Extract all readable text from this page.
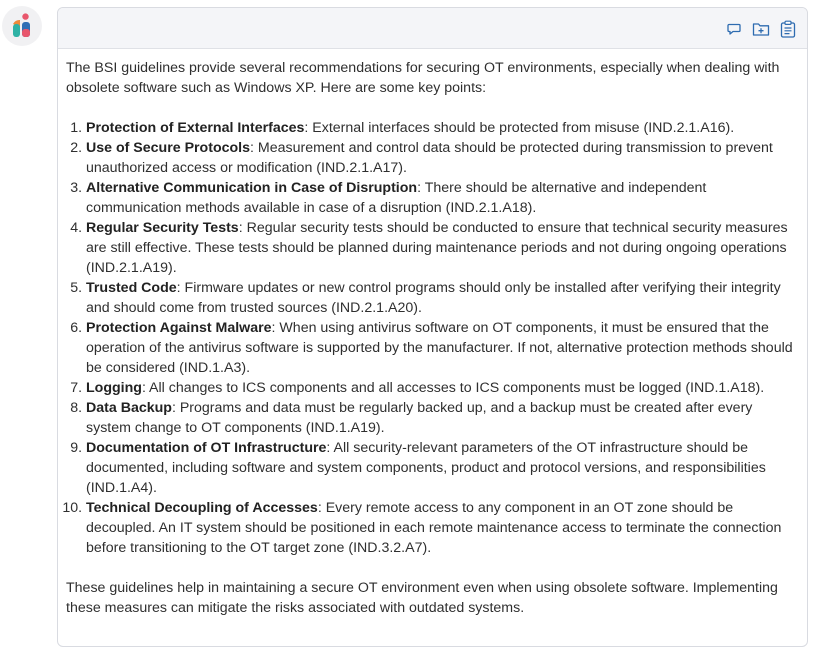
The BSI guidelines provide several recommendations for securing OT environments, especially when dealing with obsolete software such as Windows XP. Here are some key points:

1. Protection of External Interfaces: External interfaces should be protected from misuse (IND.2.1.A16).
2. Use of Secure Protocols: Measurement and control data should be protected during transmission to prevent unauthorized access or modification (IND.2.1.A17).
3. Alternative Communication in Case of Disruption: There should be alternative and independent communication methods available in case of a disruption (IND.2.1.A18).
4. Regular Security Tests: Regular security tests should be conducted to ensure that technical security measures are still effective. These tests should be planned during maintenance periods and not during ongoing operations (IND.2.1.A19).
5. Trusted Code: Firmware updates or new control programs should only be installed after verifying their integrity and should come from trusted sources (IND.2.1.A20).
6. Protection Against Malware: When using antivirus software on OT components, it must be ensured that the operation of the antivirus software is supported by the manufacturer. If not, alternative protection methods should be considered (IND.1.A3).
7. Logging: All changes to ICS components and all accesses to ICS components must be logged (IND.1.A18).
8. Data Backup: Programs and data must be regularly backed up, and a backup must be created after every system change to OT components (IND.1.A19).
9. Documentation of OT Infrastructure: All security-relevant parameters of the OT infrastructure should be documented, including software and system components, product and protocol versions, and responsibilities (IND.1.A4).
10. Technical Decoupling of Accesses: Every remote access to any component in an OT zone should be decoupled. An IT system should be positioned in each remote maintenance access to terminate the connection before transitioning to the OT target zone (IND.3.2.A7).

These guidelines help in maintaining a secure OT environment even when using obsolete software. Implementing these measures can mitigate the risks associated with outdated systems.
